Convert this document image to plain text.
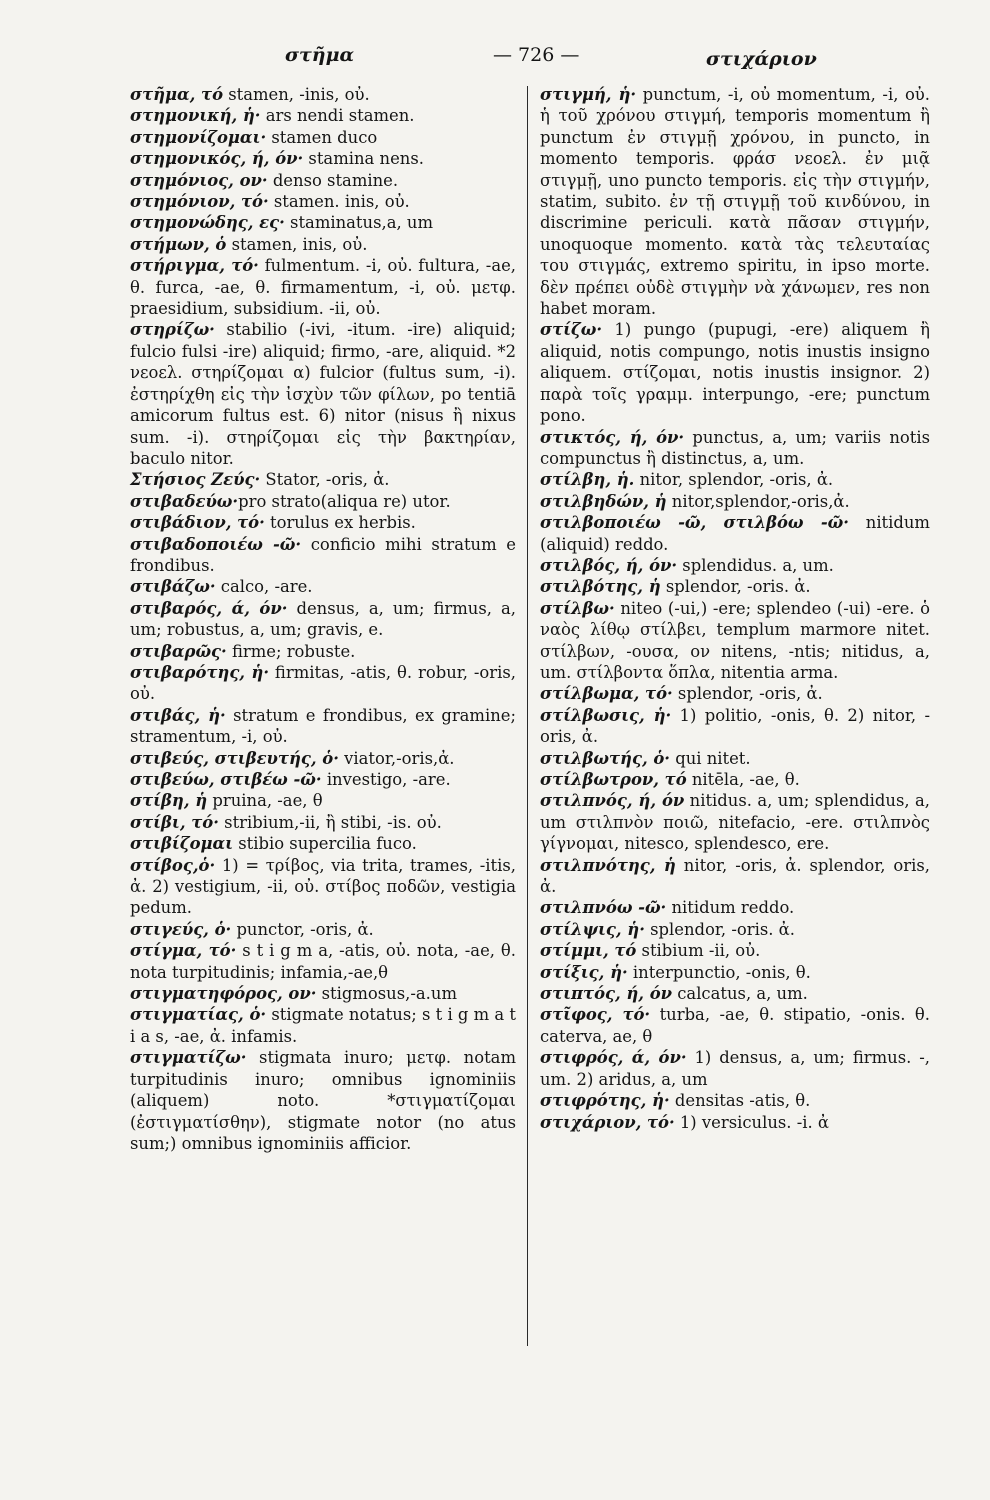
στῆμα	— 726 —	στιχάριον

στῆμα, τό stamen, -inis, οὐ.

στημονική, ἡ· ars nendi stamen.

στημονίζομαι· stamen duco

στημονικός, ή, όν· stamina nens.

στημόνιος, ον· denso stamine.

στημόνιον, τό· stamen. inis, οὐ.

στημονώδης, ες· staminatus,a, um

στήμων, ὁ stamen, inis, οὐ.

στήριγμα, τό· fulmentum. -i, οὐ. fultura, -ae, θ. furca, -ae, θ. firmamentum, -i, οὐ. μετφ. praesidium, subsidium. -ii, οὐ.

στηρίζω· stabilio (-ivi, -itum. -ire) aliquid; fulcio fulsi -ire) aliquid; firmo, -are, aliquid. *2 νεοελ. στηρίζομαι α) fulcior (fultus sum, -i). ἐστηρίχθη εἰς τὴν ἰσχὺν τῶν φίλων, po tentiā amicorum fultus est. 6) nitor (nisus ἢ nixus sum. -i). στηρίζομαι εἰς τὴν βακτηρίαν, baculo nitor.

Στήσιος Ζεύς· Stator, -oris, ἀ.

στιβαδεύω·pro strato(aliqua re) utor.

στιβάδιον, τό· torulus ex herbis.

στιβαδοποιέω -ῶ· conficio mihi stratum e frondibus.

στιβάζω· calco, -are.

στιβαρός, ά, όν· densus, a, um; firmus, a, um; robustus, a, um; gravis, e.

στιβαρῶς· firme; robuste.

στιβαρότης, ἡ· firmitas, -atis, θ. robur, -oris, οὐ.

στιβάς, ἡ· stratum e frondibus, ex gramine; stramentum, -i, οὐ.

στιβεύς, στιβευτής, ὁ· viator,-oris,ἀ.

στιβεύω, στιβέω -ῶ· investigo, -are.

στίβη, ἡ pruina, -ae, θ

στίβι, τό· stribium,-ii, ἢ stibi, -is. οὐ.

στιβίζομαι stibio supercilia fuco.

στίβος,ὁ· 1) = τρίβος, via trita, trames, -itis, ἀ. 2) vestigium, -ii, οὐ. στίβος ποδῶν, vestigia pedum.

στιγεύς, ὁ· punctor, -oris, ἀ.

στίγμα, τό· s t i g m a, -atis, οὐ. nota, -ae, θ. nota turpitudinis; infamia,-ae,θ

στιγματηφόρος, ον· stigmosus,-a.um

στιγματίας, ὁ· stigmate notatus; s t i g m a t i a s, -ae, ἀ. infamis.

στιγματίζω· stigmata inuro; μετφ. notam turpitudinis inuro; omnibus ignominiis (aliquem) noto. *στιγματίζομαι (ἐστιγματίσθην), stigmate notor (no atus sum;) omnibus ignominiis afficior.

στιγμή, ἡ· punctum, -i, οὐ momentum, -i, οὐ. ἡ τοῦ χρόνου στιγμή, temporis momentum ἢ punctum ἐν στιγμῇ χρόνου, in puncto, in momento temporis. φράσ νεοελ. ἐν μιᾷ στιγμῇ, uno puncto temporis. εἰς τὴν στιγμήν, statim, subito. ἐν τῇ στιγμῇ τοῦ κινδύνου, in discrimine periculi. κατὰ πᾶσαν στιγμήν, unoquoque momento. κατὰ τὰς τελευταίας του στιγμάς, extremo spiritu, in ipso morte. δὲν πρέπει οὐδὲ στιγμὴν νὰ χάνωμεν, res non habet moram.

στίζω· 1) pungo (pupugi, -ere) aliquem ἢ aliquid, notis compungo, notis inustis insigno aliquem. στίζομαι, notis inustis insignor. 2) παρὰ τοῖς γραμμ. interpungo, -ere; punctum pono.

στικτός, ή, όν· punctus, a, um; variis notis compunctus ἢ distinctus, a, um.

στίλβη, ἡ. nitor, splendor, -oris, ἀ.

στιλβηδών, ἡ nitor,splendor,-oris,ἀ.

στιλβοποιέω -ῶ, στιλβόω -ῶ· nitidum (aliquid) reddo.

στιλβός, ή, όν· splendidus. a, um.

στιλβότης, ἡ splendor, -oris. ἀ.

στίλβω· niteo (-ui,) -ere; splendeo (-ui) -ere. ὁ ναὸς λίθῳ στίλβει, templum marmore nitet. στίλβων, -ουσα, ον nitens, -ntis; nitidus, a, um. στίλβοντα ὅπλα, nitentia arma.

στίλβωμα, τό· splendor, -oris, ἀ.

στίλβωσις, ἡ· 1) politio, -onis, θ. 2) nitor, -oris, ἀ.

στιλβωτής, ὁ· qui nitet.

στίλβωτρον, τό nitēla, -ae, θ.

στιλπνός, ή, όν nitidus. a, um; splendidus, a, um στιλπνὸν ποιῶ, nitefacio, -ere. στιλπνὸς γίγνομαι, nitesco, splendesco, ere.

στιλπνότης, ἡ nitor, -oris, ἀ. splendor, oris, ἀ.

στιλπνόω -ῶ· nitidum reddo.

στίλψις, ἡ· splendor, -oris. ἀ.

στίμμι, τό stibium -ii, οὐ.

στίξις, ἡ· interpunctio, -onis, θ.

στιπτός, ή, όν calcatus, a, um.

στῖφος, τό· turba, -ae, θ. stipatio, -onis. θ. caterva, ae, θ

στιφρός, ά, όν· 1) densus, a, um; firmus. -, um. 2) aridus, a, um

στιφρότης, ἡ· densitas -atis, θ.

στιχάριον, τό· 1) versiculus. -i. ἀ
